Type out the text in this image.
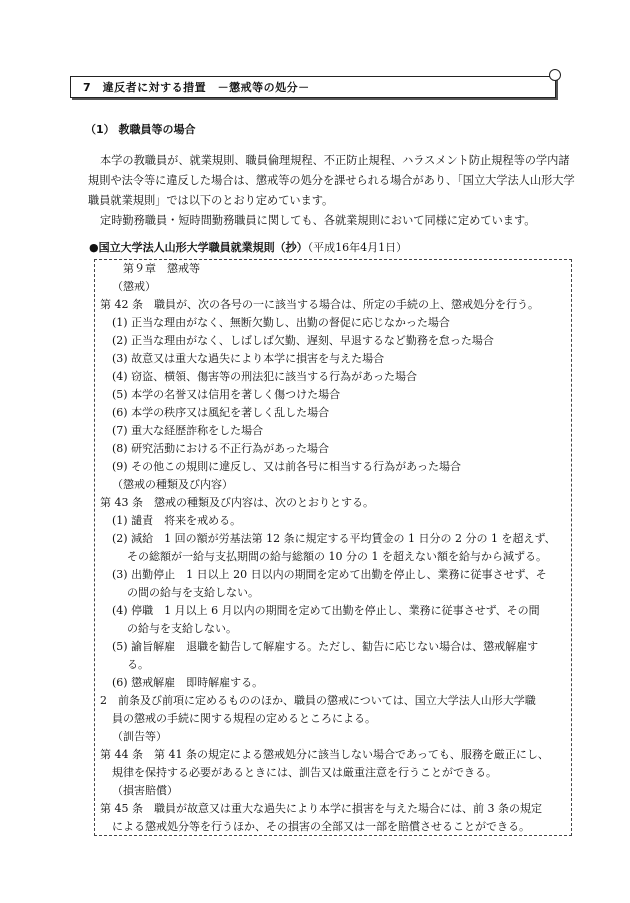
7　違反者に対する措置　－懲戒等の処分－
（1） 教職員等の場合

本学の教職員が、就業規則、職員倫理規程、不正防止規程、ハラスメント防止規程等の学内諸規則や法令等に違反した場合は、懲戒等の処分を課せられる場合があり、「国立大学法人山形大学職員就業規則」では以下のとおり定めています。

定時勤務職員・短時間勤務職員に関しても、各就業規則において同様に定めています。

●国立大学法人山形大学職員就業規則（抄）（平成16年4月1日）
第９章　懲戒等
（懲戒）
第 42 条　職員が、次の各号の一に該当する場合は、所定の手続の上、懲戒処分を行う。
(1) 正当な理由がなく、無断欠勤し、出勤の督促に応じなかった場合
(2) 正当な理由がなく、しばしば欠勤、遅刻、早退するなど勤務を怠った場合
(3) 故意又は重大な過失により本学に損害を与えた場合
(4) 窃盗、横領、傷害等の刑法犯に該当する行為があった場合
(5) 本学の名誉又は信用を著しく傷つけた場合
(6) 本学の秩序又は風紀を著しく乱した場合
(7) 重大な経歴詐称をした場合
(8) 研究活動における不正行為があった場合
(9) その他この規則に違反し、又は前各号に相当する行為があった場合
（懲戒の種類及び内容）
第 43 条　懲戒の種類及び内容は、次のとおりとする。
(1) 譴責　将来を戒める。
(2) 減給　1 回の額が労基法第 12 条に規定する平均賃金の 1 日分の 2 分の 1 を超えず、
その総額が一給与支払期間の給与総額の 10 分の 1 を超えない額を給与から減ずる。
(3) 出勤停止　1 日以上 20 日以内の期間を定めて出勤を停止し、業務に従事させず、そ
の間の給与を支給しない。
(4) 停職　1 月以上 6 月以内の期間を定めて出勤を停止し、業務に従事させず、その間
の給与を支給しない。
(5) 諭旨解雇　退職を勧告して解雇する。ただし、勧告に応じない場合は、懲戒解雇す
る。
(6) 懲戒解雇　即時解雇する。
2　前条及び前項に定めるもののほか、職員の懲戒については、国立大学法人山形大学職
員の懲戒の手続に関する規程の定めるところによる。
（訓告等）
第 44 条　第 41 条の規定による懲戒処分に該当しない場合であっても、服務を厳正にし、
規律を保持する必要があるときには、訓告又は厳重注意を行うことができる。
（損害賠償）
第 45 条　職員が故意又は重大な過失により本学に損害を与えた場合には、前 3 条の規定
による懲戒処分等を行うほか、その損害の全部又は一部を賠償させることができる。
